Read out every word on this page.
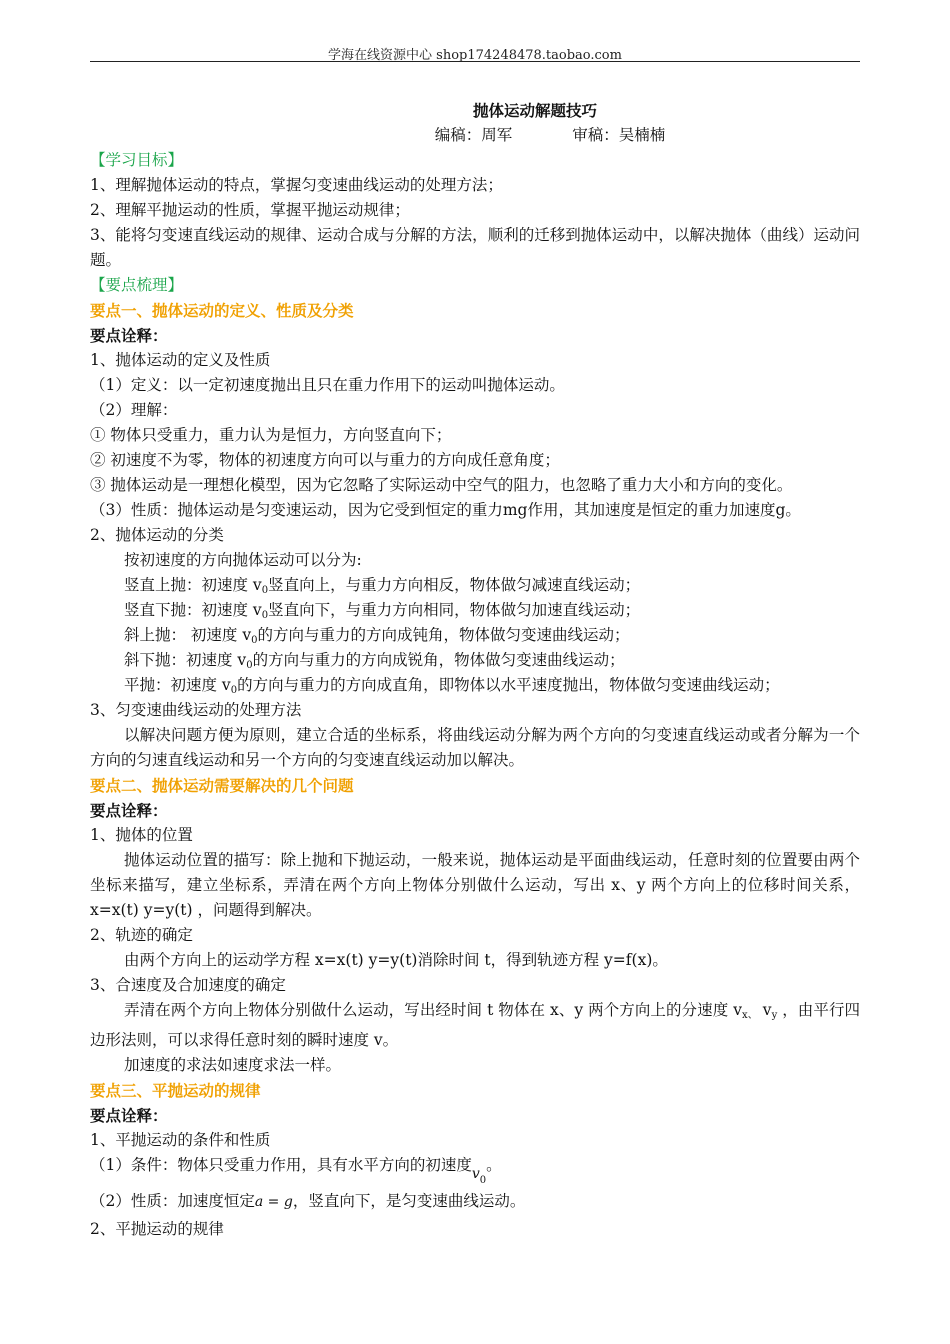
学海在线资源中心 shop174248478.taobao.com
抛体运动解题技巧
编稿：周军	审稿：吴楠楠
【学习目标】
1、理解抛体运动的特点，掌握匀变速曲线运动的处理方法；
2、理解平抛运动的性质，掌握平抛运动规律；
3、能将匀变速直线运动的规律、运动合成与分解的方法，顺利的迁移到抛体运动中，以解决抛体（曲线）运动问题。
【要点梳理】
要点一、抛体运动的定义、性质及分类
要点诠释：
1、抛体运动的定义及性质
（1）定义：以一定初速度抛出且只在重力作用下的运动叫抛体运动。
（2）理解：
① 物体只受重力，重力认为是恒力，方向竖直向下；
② 初速度不为零，物体的初速度方向可以与重力的方向成任意角度；
③ 抛体运动是一理想化模型，因为它忽略了实际运动中空气的阻力，也忽略了重力大小和方向的变化。
（3）性质：抛体运动是匀变速运动，因为它受到恒定的重力mg作用，其加速度是恒定的重力加速度g。
2、抛体运动的分类
按初速度的方向抛体运动可以分为:
竖直上抛：初速度 $v_0$竖直向上，与重力方向相反，物体做匀减速直线运动；
竖直下抛：初速度 $v_0$竖直向下，与重力方向相同，物体做匀加速直线运动；
斜上抛： 初速度 $v_0$的方向与重力的方向成钝角，物体做匀变速曲线运动；
斜下抛：初速度 $v_0$的方向与重力的方向成锐角，物体做匀变速曲线运动；
平抛：初速度 $v_0$的方向与重力的方向成直角，即物体以水平速度抛出，物体做匀变速曲线运动；
3、匀变速曲线运动的处理方法
以解决问题方便为原则，建立合适的坐标系，将曲线运动分解为两个方向的匀变速直线运动或者分解为一个方向的匀速直线运动和另一个方向的匀变速直线运动加以解决。
要点二、抛体运动需要解决的几个问题
要点诠释：
1、抛体的位置
抛体运动位置的描写：除上抛和下抛运动，一般来说，抛体运动是平面曲线运动，任意时刻的位置要由两个坐标来描写，建立坐标系，弄清在两个方向上物体分别做什么运动，写出 x、y 两个方向上的位移时间关系， x=x(t) y=y(t) ，问题得到解决。
2、轨迹的确定
由两个方向上的运动学方程 x=x(t) y=y(t)消除时间 t，得到轨迹方程 y=f(x)。
3、合速度及合加速度的确定
弄清在两个方向上物体分别做什么运动，写出经时间 t 物体在 x、y 两个方向上的分速度 $v_{x、}$ $v_y$ ，由平行四边形法则，可以求得任意时刻的瞬时速度 v。
加速度的求法如速度求法一样。
要点三、平抛运动的规律
要点诠释：
1、平抛运动的条件和性质
（1）条件：物体只受重力作用，具有水平方向的初速度$v_0$。
（2）性质：加速度恒定a = g，竖直向下，是匀变速曲线运动。
2、平抛运动的规律
